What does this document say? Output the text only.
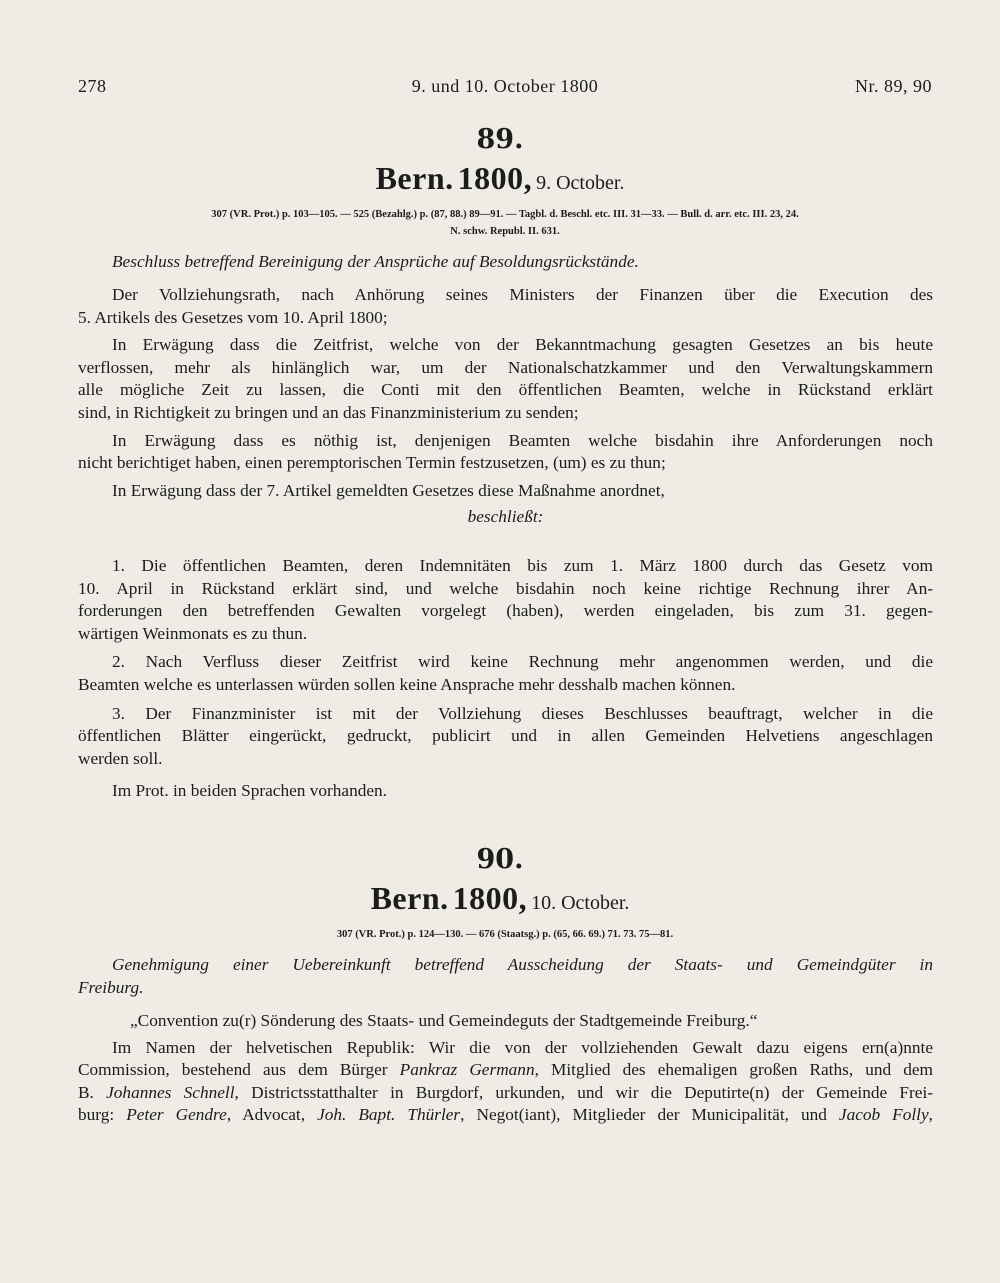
278	9. und 10. October 1800	Nr. 89, 90
89.
Bern. 1800, 9. October.
307 (VR. Prot.) p. 103—105. — 525 (Bezahlg.) p. (87, 88.) 89—91. — Tagbl. d. Beschl. etc. III. 31—33. — Bull. d. arr. etc. III. 23, 24.
N. schw. Republ. II. 631.
Beschluss betreffend Bereinigung der Ansprüche auf Besoldungsrückstände.
Der Vollziehungsrath, nach Anhörung seines Ministers der Finanzen über die Execution des
5. Artikels des Gesetzes vom 10. April 1800;
In Erwägung dass die Zeitfrist, welche von der Bekanntmachung gesagten Gesetzes an bis heute
verflossen, mehr als hinlänglich war, um der Nationalschatzkammer und den Verwaltungskammern
alle mögliche Zeit zu lassen, die Conti mit den öffentlichen Beamten, welche in Rückstand erklärt
sind, in Richtigkeit zu bringen und an das Finanzministerium zu senden;
In Erwägung dass es nöthig ist, denjenigen Beamten welche bisdahin ihre Anforderungen noch
nicht berichtiget haben, einen peremptorischen Termin festzusetzen, (um) es zu thun;
In Erwägung dass der 7. Artikel gemeldten Gesetzes diese Maßnahme anordnet,
beschließt:
1. Die öffentlichen Beamten, deren Indemnitäten bis zum 1. März 1800 durch das Gesetz vom
10. April in Rückstand erklärt sind, und welche bisdahin noch keine richtige Rechnung ihrer An-
forderungen den betreffenden Gewalten vorgelegt (haben), werden eingeladen, bis zum 31. gegen-
wärtigen Weinmonats es zu thun.
2. Nach Verfluss dieser Zeitfrist wird keine Rechnung mehr angenommen werden, und die
Beamten welche es unterlassen würden sollen keine Ansprache mehr desshalb machen können.
3. Der Finanzminister ist mit der Vollziehung dieses Beschlusses beauftragt, welcher in die
öffentlichen Blätter eingerückt, gedruckt, publicirt und in allen Gemeinden Helvetiens angeschlagen
werden soll.
Im Prot. in beiden Sprachen vorhanden.
90.
Bern. 1800, 10. October.
307 (VR. Prot.) p. 124—130. — 676 (Staatsg.) p. (65, 66. 69.) 71. 73. 75—81.
Genehmigung einer Uebereinkunft betreffend Ausscheidung der Staats- und Gemeindgüter in
Freiburg.
„Convention zu(r) Sönderung des Staats- und Gemeindeguts der Stadtgemeinde Freiburg.“
Im Namen der helvetischen Republik: Wir die von der vollziehenden Gewalt dazu eigens ern(a)nnte
Commission, bestehend aus dem Bürger Pankraz Germann, Mitglied des ehemaligen großen Raths, und dem
B. Johannes Schnell, Districtsstatthalter in Burgdorf, urkunden, und wir die Deputirte(n) der Gemeinde Frei-
burg: Peter Gendre, Advocat, Joh. Bapt. Thürler, Negot(iant), Mitglieder der Municipalität, und Jacob Folly,
